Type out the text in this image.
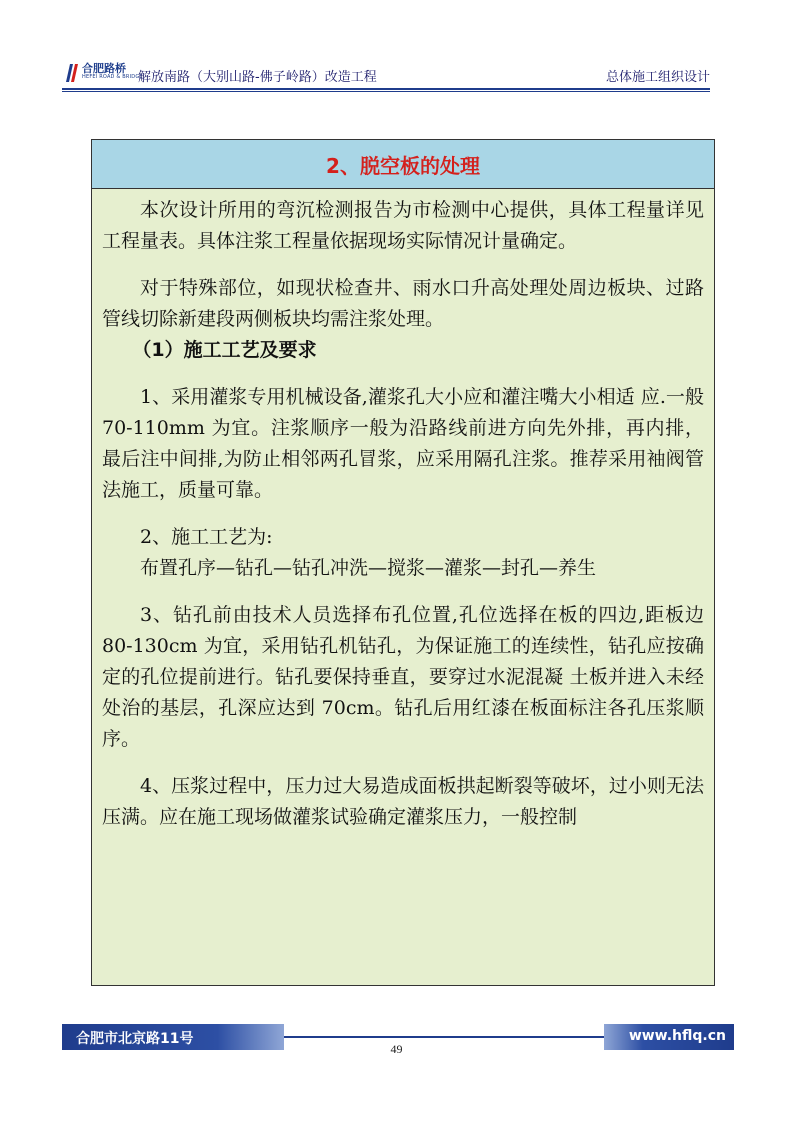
合肥路桥
HEFEI ROAD & BRIDGE
解放南路（大别山路-佛子岭路）改造工程	总体施工组织设计
2、脱空板的处理

本次设计所用的弯沉检测报告为市检测中心提供，具体工程量详见工程量表。具体注浆工程量依据现场实际情况计量确定。

对于特殊部位，如现状检查井、雨水口升高处理处周边板块、过路管线切除新建段两侧板块均需注浆处理。

（1）施工工艺及要求

1、采用灌浆专用机械设备,灌浆孔大小应和灌注嘴大小相适 应.一般 70-110mm 为宜。注浆顺序一般为沿路线前进方向先外排，再内排，最后注中间排,为防止相邻两孔冒浆，应采用隔孔注浆。推荐采用袖阀管法施工，质量可靠。

2、施工工艺为:

布置孔序—钻孔—钻孔冲洗—搅浆—灌浆—封孔—养生

3、钻孔前由技术人员选择布孔位置,孔位选择在板的四边,距板边 80-130cm 为宜，采用钻孔机钻孔，为保证施工的连续性，钻孔应按确定的孔位提前进行。钻孔要保持垂直，要穿过水泥混凝 土板并进入未经处治的基层，孔深应达到 70cm。钻孔后用红漆在板面标注各孔压浆顺序。

4、压浆过程中，压力过大易造成面板拱起断裂等破坏，过小则无法压满。应在施工现场做灌浆试验确定灌浆压力，一般控制

合肥市北京路11号	www.hflq.cn
49
